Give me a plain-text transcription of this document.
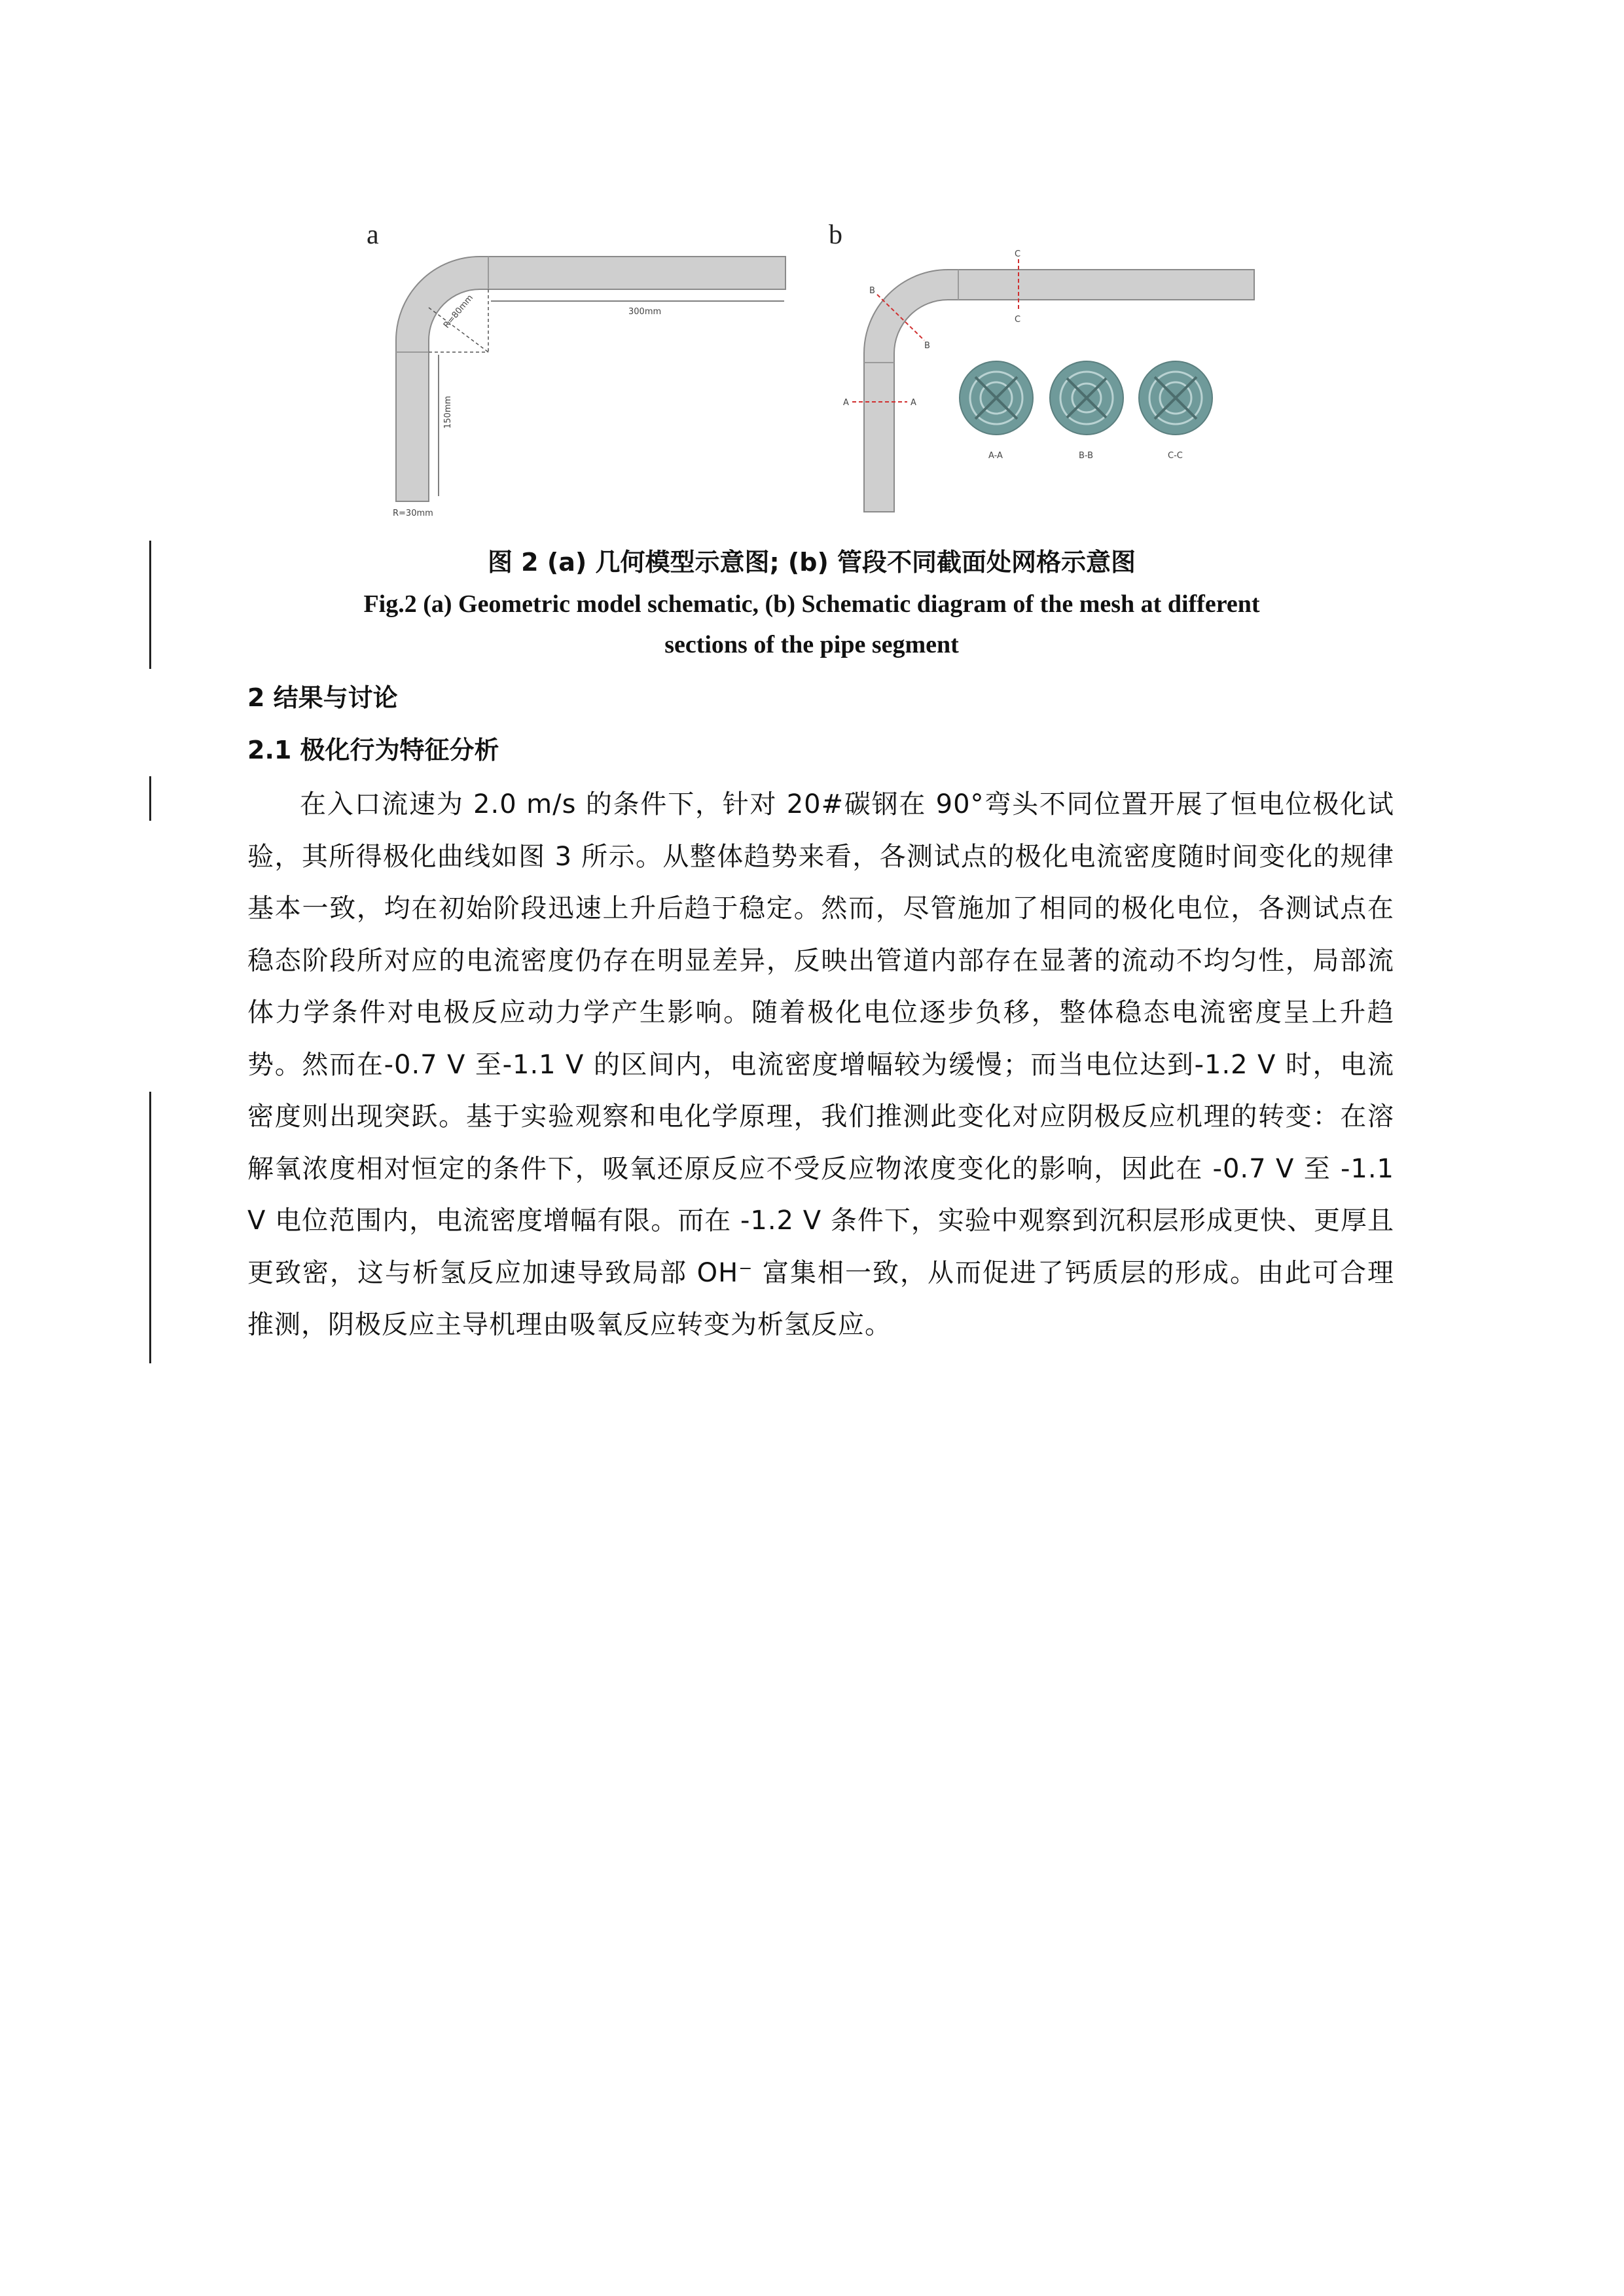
a
R=80mm	300mm
150mm
R=30mm
b
C
C
B
B
A	A
A-A	B-B	C-C
图 2 (a) 几何模型示意图; (b) 管段不同截面处网格示意图
Fig.2 (a) Geometric model schematic, (b) Schematic diagram of the mesh at different
sections of the pipe segment
2 结果与讨论
2.1 极化行为特征分析
在入口流速为 2.0 m/s 的条件下，针对 20#碳钢在 90°弯头不同位置开展了恒电位极化试验，其所得极化曲线如图 3 所示。从整体趋势来看，各测试点的极化电流密度随时间变化的规律基本一致，均在初始阶段迅速上升后趋于稳定。然而，尽管施加了相同的极化电位，各测试点在稳态阶段所对应的电流密度仍存在明显差异，反映出管道内部存在显著的流动不均匀性，局部流体力学条件对电极反应动力学产生影响。随着极化电位逐步负移，整体稳态电流密度呈上升趋势。然而在-0.7 V 至-1.1 V 的区间内，电流密度增幅较为缓慢；而当电位达到-1.2 V 时，电流密度则出现突跃。基于实验观察和电化学原理，我们推测此变化对应阴极反应机理的转变：在溶解氧浓度相对恒定的条件下，吸氧还原反应不受反应物浓度变化的影响，因此在 -0.7 V 至 -1.1 V 电位范围内，电流密度增幅有限。而在 -1.2 V 条件下，实验中观察到沉积层形成更快、更厚且更致密，这与析氢反应加速导致局部 OH⁻ 富集相一致，从而促进了钙质层的形成。由此可合理推测，阴极反应主导机理由吸氧反应转变为析氢反应。
